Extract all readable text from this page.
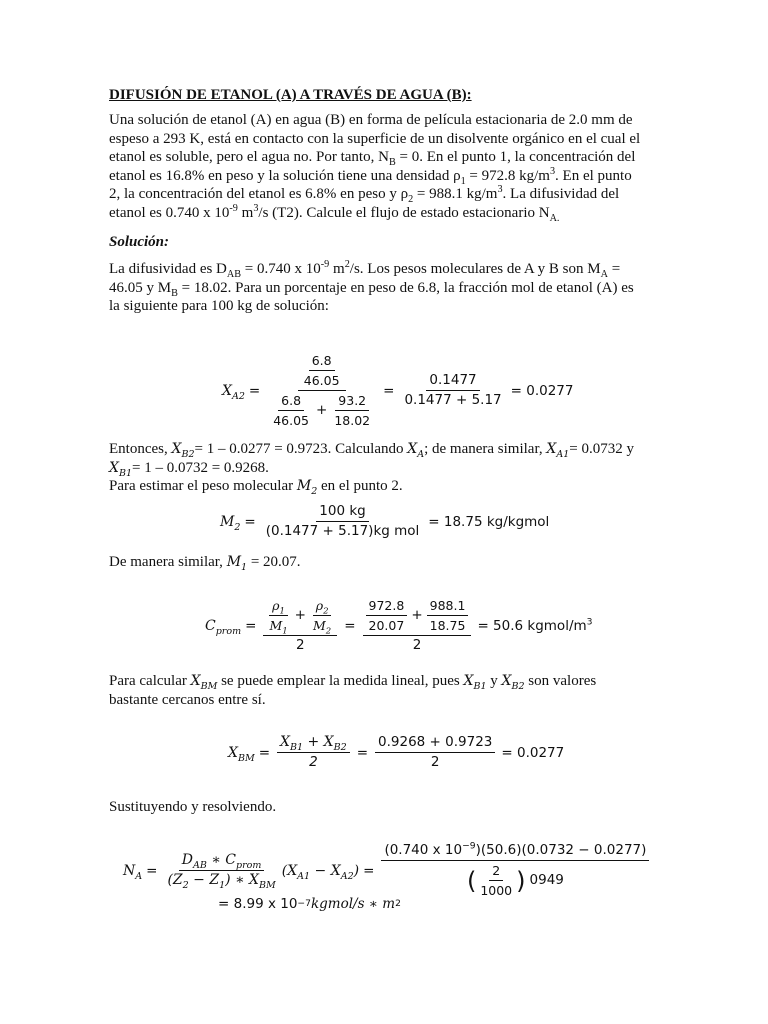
DIFUSIÓN DE ETANOL (A) A TRAVÉS DE AGUA (B):
Una solución de etanol (A) en agua (B) en forma de película estacionaria de 2.0 mm de
espeso a 293 K, está en contacto con la superficie de un disolvente orgánico en el cual el
etanol es soluble, pero el agua no. Por tanto, $N_B = 0$. En el punto 1, la concentración del
etanol es 16.8% en peso y la solución tiene una densidad $\rho_1 = 972.8$ $kg/m^3$. En el punto
2, la concentración del etanol es 6.8% en peso y $\rho_2 = 988.1$ $kg/m^3$. La difusividad del
etanol es 0.740 x $10^{-9}$ $m^3/s$ (T2). Calcule el flujo de estado estacionario $N_{A.}$
Solución:
La difusividad es $D_{AB} = 0.740$ x $10^{-9}$ $m^2/s$. Los pesos moleculares de A y B son $M_A$ =
46.05 y $M_B = 18.02$. Para un porcentaje en peso de 6.8, la fracción mol de etanol (A) es
la siguiente para 100 kg de solución:
$X_{A2} = \frac{\frac{6.8}{46.05}}{\frac{6.8}{46.05} + \frac{93.2}{18.02}} = \frac{0.1477}{0.1477 + 5.17} = 0.0277$
Entonces, $X_{B2}= 1 - 0.0277 = 0.9723$. Calculando $X_A$; de manera similar, $X_{A1}= 0.0732$ y
$X_{B1}= 1 - 0.0732 = 0.9268$.
Para estimar el peso molecular $M_2$ en el punto 2.
$M_2 = \frac{100 kg}{\text{(0.1477 + 5.17)kg mol}} = 18.75$ kg/kgmol
De manera similar, $M_1 = 20.07$.
$C_{prom} = \frac{\frac{\rho_1}{M_1} + \frac{\rho_2}{M_2}}{2} = \frac{\frac{972.8}{20.07} + \frac{988.1}{18.75}}{2} = 50.6$ kgmol/$m^3$
Para calcular $X_{BM}$ se puede emplear la medida lineal, pues $X_{B1}$ y $X_{B2}$ son valores
bastante cercanos entre sí.
$X_{BM} = \frac{X_{B1} + X_{B2}}{2} = \frac{0.9268 + 0.9723}{2} = 0.0277$
Sustituyendo y resolviendo.
$N_A = \frac{D_{AB} ∗ C_{prom}}{(Z_2 - Z_1) ∗ X_{BM}} (X_{A1} - X_{A2}) = \frac{(0.740 x 10^{-9})(50.6)(0.0732 - 0.0277)}{( \frac{2}{1000} ) 0949}$
= 8.99 x 10 −7 kgmol/s ∗ m 2
